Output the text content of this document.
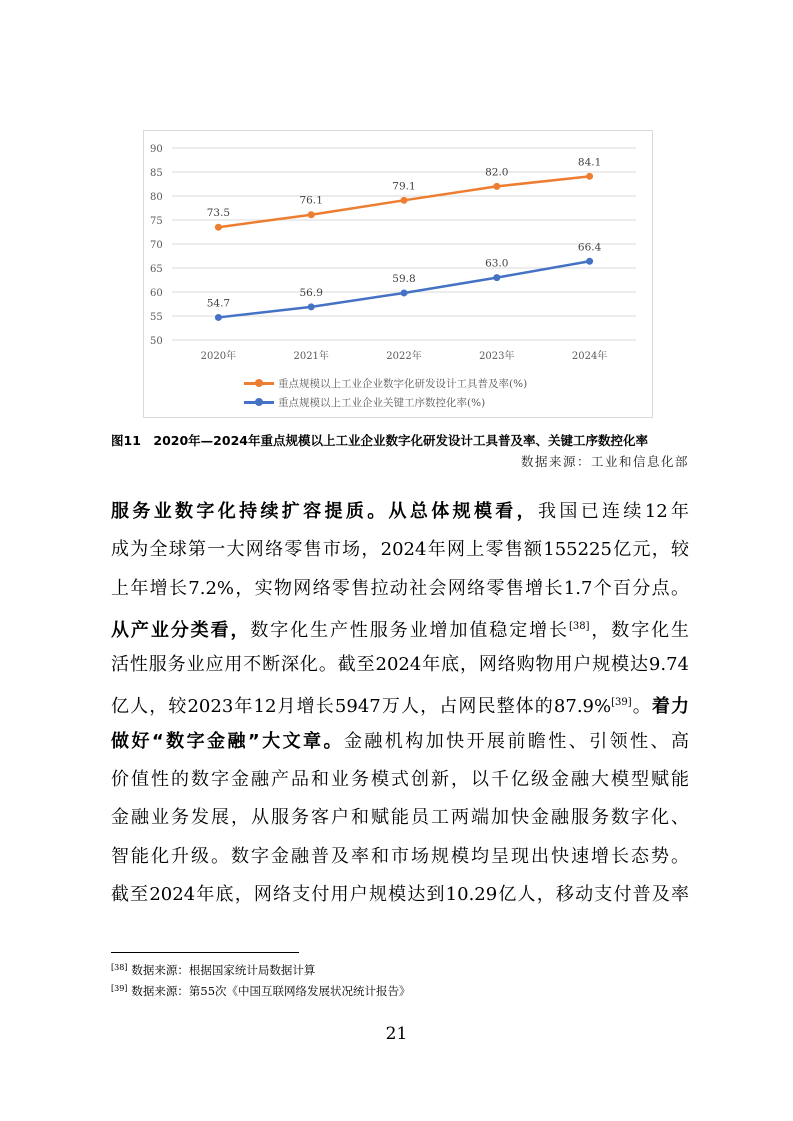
50
55
60
65
70
75
80
85
90
2020年	2021年	2022年	2023年	2024年
73.5
76.1
79.1
82.0
84.1
54.7
56.9
59.8
63.0
66.4
重点规模以上工业企业数字化研发设计工具普及率(%)
重点规模以上工业企业关键工序数控化率(%)
图11　2020年—2024年重点规模以上工业企业数字化研发设计工具普及率、关键工序数控化率
数据来源：工业和信息化部
服务业数字化持续扩容提质。从总体规模看，我国已连续12年
成为全球第一大网络零售市场，2024年网上零售额155225亿元，较
上年增长7.2%，实物网络零售拉动社会网络零售增长1.7个百分点。
从产业分类看，数字化生产性服务业增加值稳定增长[38]，数字化生
活性服务业应用不断深化。截至2024年底，网络购物用户规模达9.74
亿人，较2023年12月增长5947万人，占网民整体的87.9%[39]。着力
做好“数字金融”大文章。金融机构加快开展前瞻性、引领性、高
价值性的数字金融产品和业务模式创新，以千亿级金融大模型赋能
金融业务发展，从服务客户和赋能员工两端加快金融服务数字化、
智能化升级。数字金融普及率和市场规模均呈现出快速增长态势。
截至2024年底，网络支付用户规模达到10.29亿人，移动支付普及率
[38] 数据来源：根据国家统计局数据计算
[39] 数据来源：第55次《中国互联网络发展状况统计报告》
21
